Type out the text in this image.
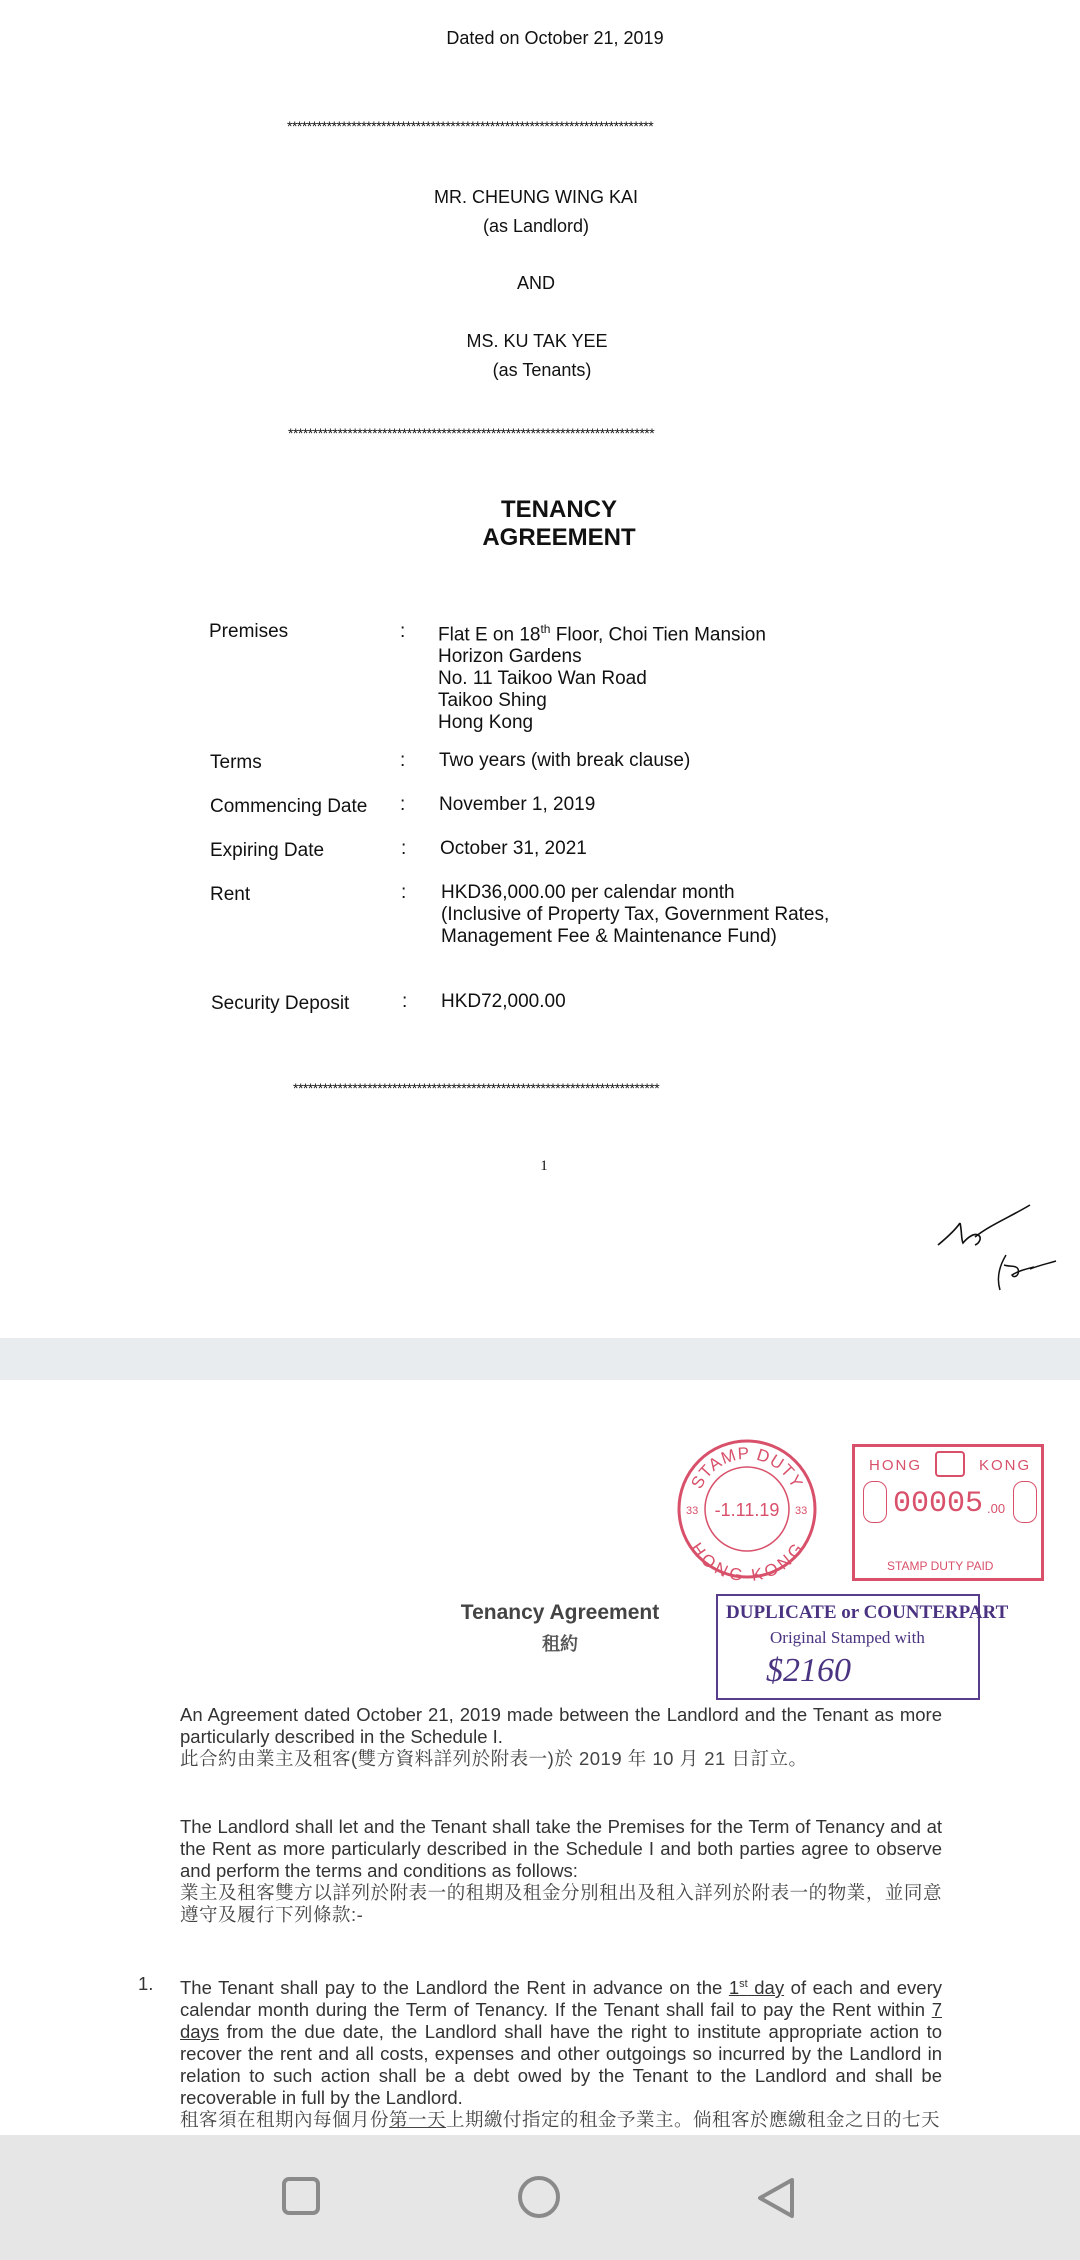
Dated on October 21, 2019
**************************************************************************
MR. CHEUNG WING KAI
(as Landlord)
AND
MS. KU TAK YEE
(as Tenants)
**************************************************************************
TENANCY
AGREEMENT
Premises	: Flat E on 18th Floor, Choi Tien Mansion
Horizon Gardens
No. 11 Taikoo Wan Road
Taikoo Shing
Hong Kong
Terms	: Two years (with break clause)
Commencing Date : November 1, 2019
Expiring Date	: October 31, 2021
Rent	: HKD36,000.00 per calendar month
(Inclusive of Property Tax, Government Rates,
Management Fee & Maintenance Fund)
Security Deposit	: HKD72,000.00
**************************************************************************
1
STAMP DUTY
HONG KONG
-1.11.19
33	33
HONG	KONG
00005 .00
STAMP DUTY PAID
DUPLICATE or COUNTERPART
Original Stamped with
$2160
Tenancy Agreement
租約
An Agreement dated October 21, 2019 made between the Landlord and the Tenant as more particularly described in the Schedule I.
此合約由業主及租客(雙方資料詳列於附表一)於 2019 年 10 月 21 日訂立。
The Landlord shall let and the Tenant shall take the Premises for the Term of Tenancy and at the Rent as more particularly described in the Schedule I and both parties agree to observe and perform the terms and conditions as follows:
業主及租客雙方以詳列於附表一的租期及租金分別租出及租入詳列於附表一的物業，並同意遵守及履行下列條款:-
1. The Tenant shall pay to the Landlord the Rent in advance on the 1st day of each and every calendar month during the Term of Tenancy. If the Tenant shall fail to pay the Rent within 7 days from the due date, the Landlord shall have the right to institute appropriate action to recover the rent and all costs, expenses and other outgoings so incurred by the Landlord in relation to such action shall be a debt owed by the Tenant to the Landlord and shall be recoverable in full by the Landlord.
租客須在租期內每個月份第一天上期繳付指定的租金予業主。倘租客於應繳租金之日的七天
